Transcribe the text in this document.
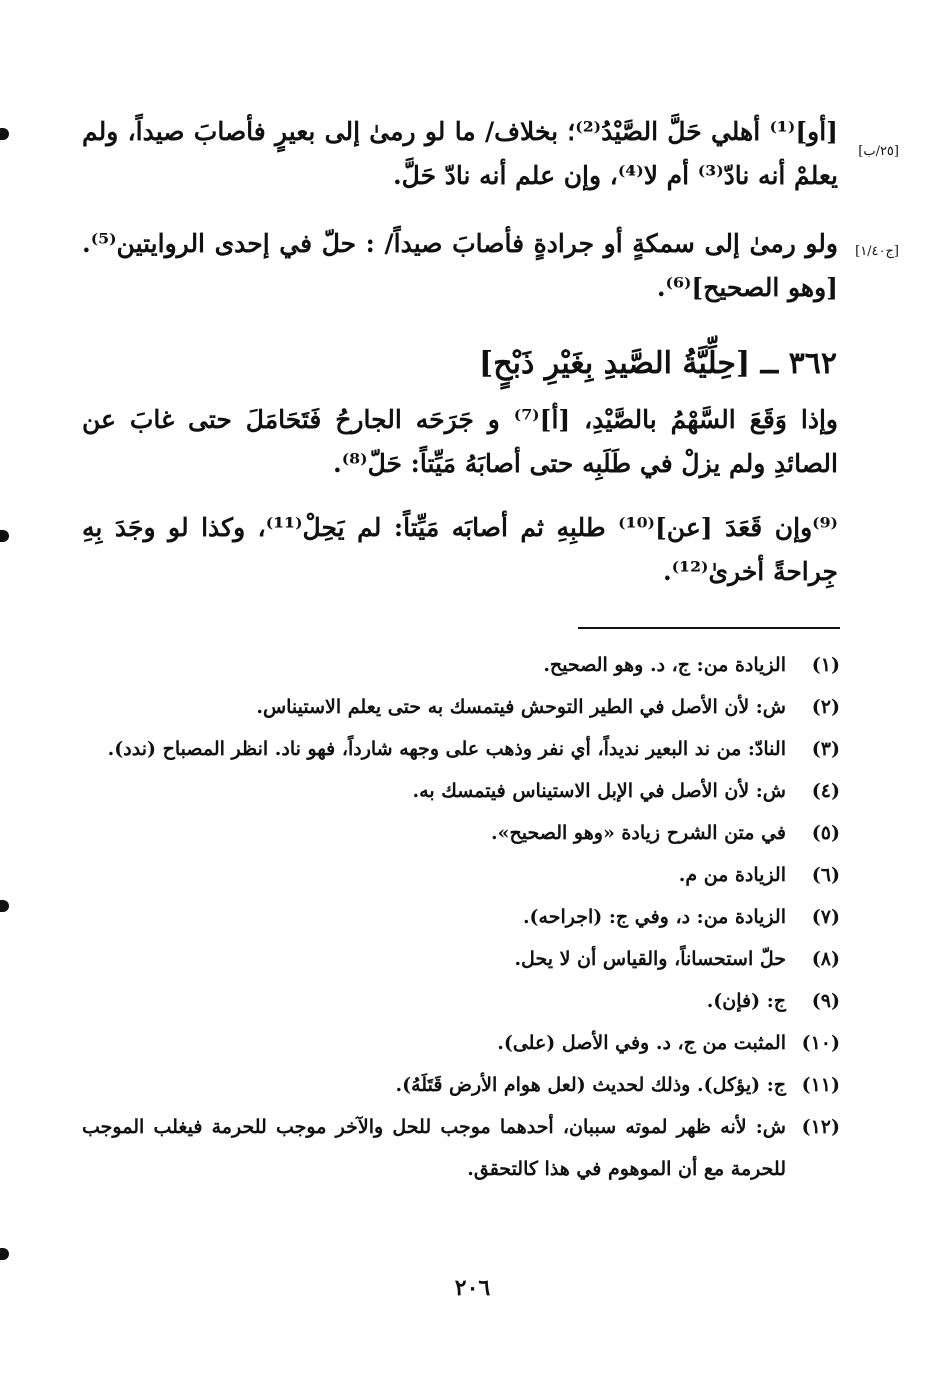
[٢٥/ب]
[ج١/٤٠]

[أو]⁽¹⁾ أهلي حَلَّ الصَّيْدُ⁽²⁾؛ بخلاف/ ما لو رمىٰ إلى بعيرٍ فأصابَ صيداً، ولم يعلمْ أنه نادّ⁽³⁾ أم لا⁽⁴⁾، وإن علم أنه نادّ حَلَّ.

ولو رمىٰ إلى سمكةٍ أو جرادةٍ فأصابَ صيداً/ : حلّ في إحدى الروايتين⁽⁵⁾. [وهو الصحيح]⁽⁶⁾.

٣٦٢ ــ [حِلِّيَّةُ الصَّيدِ بِغَيْرِ ذَبْحٍ]

وإذا وَقَعَ السَّهْمُ بالصَّيْدِ، [أ]⁽⁷⁾ و جَرَحَه الجارحُ فَتَحَامَلَ حتى غابَ عن الصائدِ ولم يزلْ في طَلَبِه حتى أصابَهُ مَيِّتاً: حَلّ⁽⁸⁾.

⁽⁹⁾وإن قَعَدَ [عن]⁽¹⁰⁾ طلبِهِ ثم أصابَه مَيِّتاً: لم يَحِلْ⁽¹¹⁾، وكذا لو وجَدَ بِهِ جِراحةً أخرىٰ⁽¹²⁾.

(١)
الزيادة من: ج، د. وهو الصحيح.
(٢)
ش: لأن الأصل في الطير التوحش فيتمسك به حتى يعلم الاستيناس.
(٣)
النادّ: من ند البعير نديداً، أي نفر وذهب على وجهه شارداً، فهو ناد. انظر المصباح (ندد).
(٤)
ش: لأن الأصل في الإبل الاستيناس فيتمسك به.
(٥)
في متن الشرح زيادة «وهو الصحيح».
(٦)
الزيادة من م.
(٧)
الزيادة من: د، وفي ج: (اجراحه).
(٨)
حلّ استحساناً، والقياس أن لا يحل.
(٩)
ج: (فإن).
(١٠)
المثبت من ج، د. وفي الأصل (على).
(١١)
ج: (يؤكل). وذلك لحديث (لعل هوام الأرض قَتَلَهُ).
(١٢)
ش: لأنه ظهر لموته سببان، أحدهما موجب للحل والآخر موجب للحرمة فيغلب الموجب للحرمة مع أن الموهوم في هذا كالتحقق.
٢٠٦
